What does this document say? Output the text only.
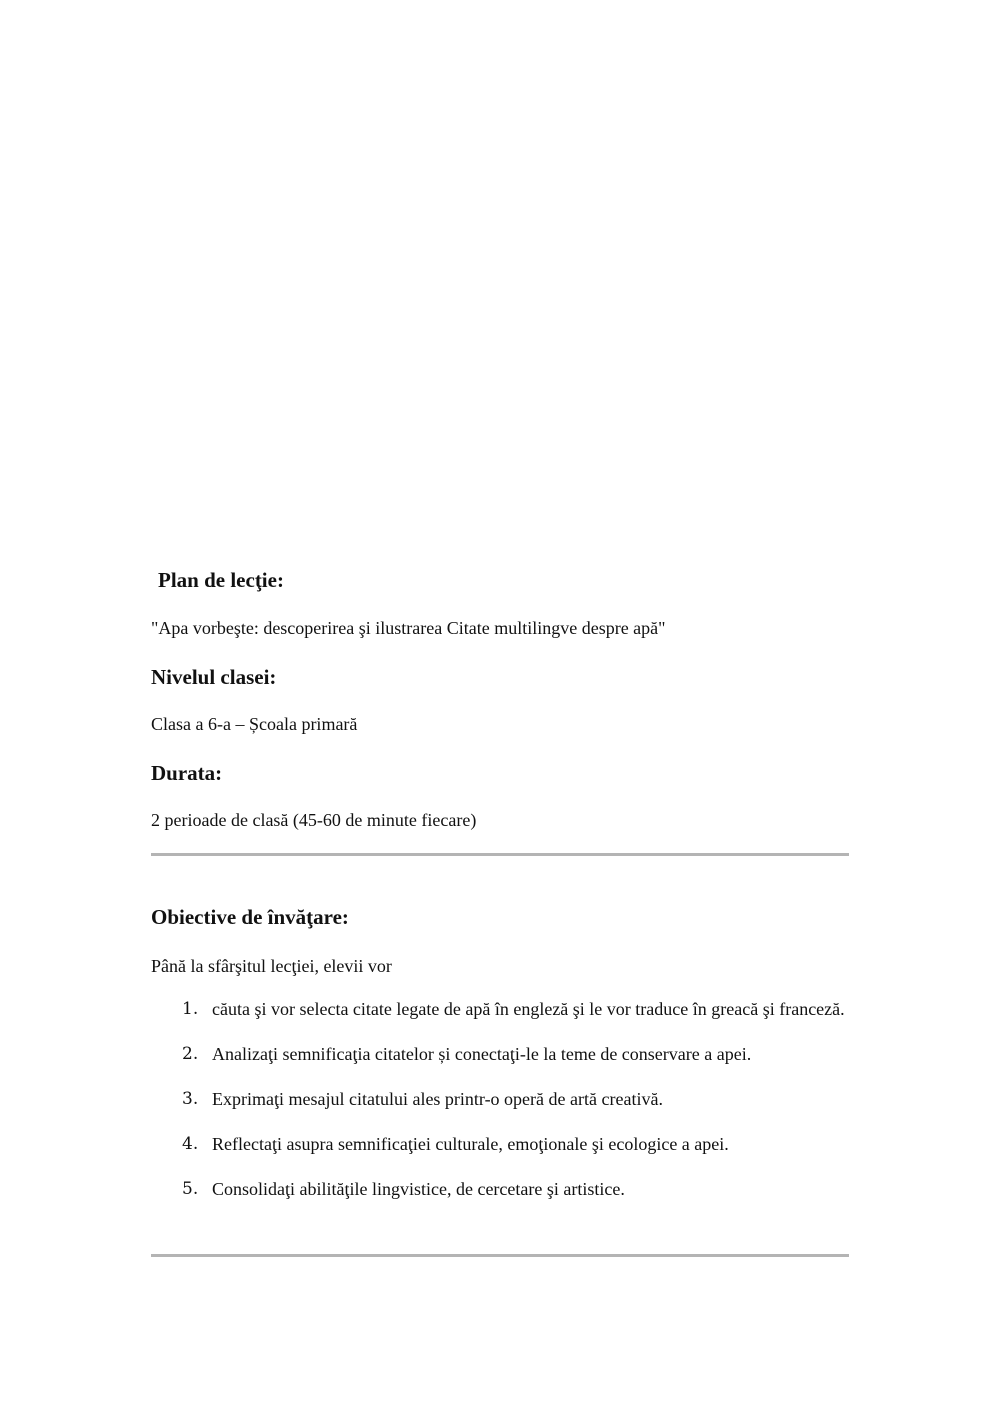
Plan de lecţie:

"Apa vorbeşte: descoperirea şi ilustrarea Citate multilingve despre apă"

Nivelul clasei:

Clasa a 6-a – Școala primară

Durata:

2 perioade de clasă (45-60 de minute fiecare)

Obiective de învăţare:

Până la sfârşitul lecţiei, elevii vor

1. căuta şi vor selecta citate legate de apă în engleză şi le vor traduce în greacă şi franceză.
2. Analizaţi semnificaţia citatelor și conectaţi-le la teme de conservare a apei.
3. Exprimaţi mesajul citatului ales printr-o operă de artă creativă.
4. Reflectaţi asupra semnificaţiei culturale, emoţionale şi ecologice a apei.
5. Consolidaţi abilităţile lingvistice, de cercetare şi artistice.
